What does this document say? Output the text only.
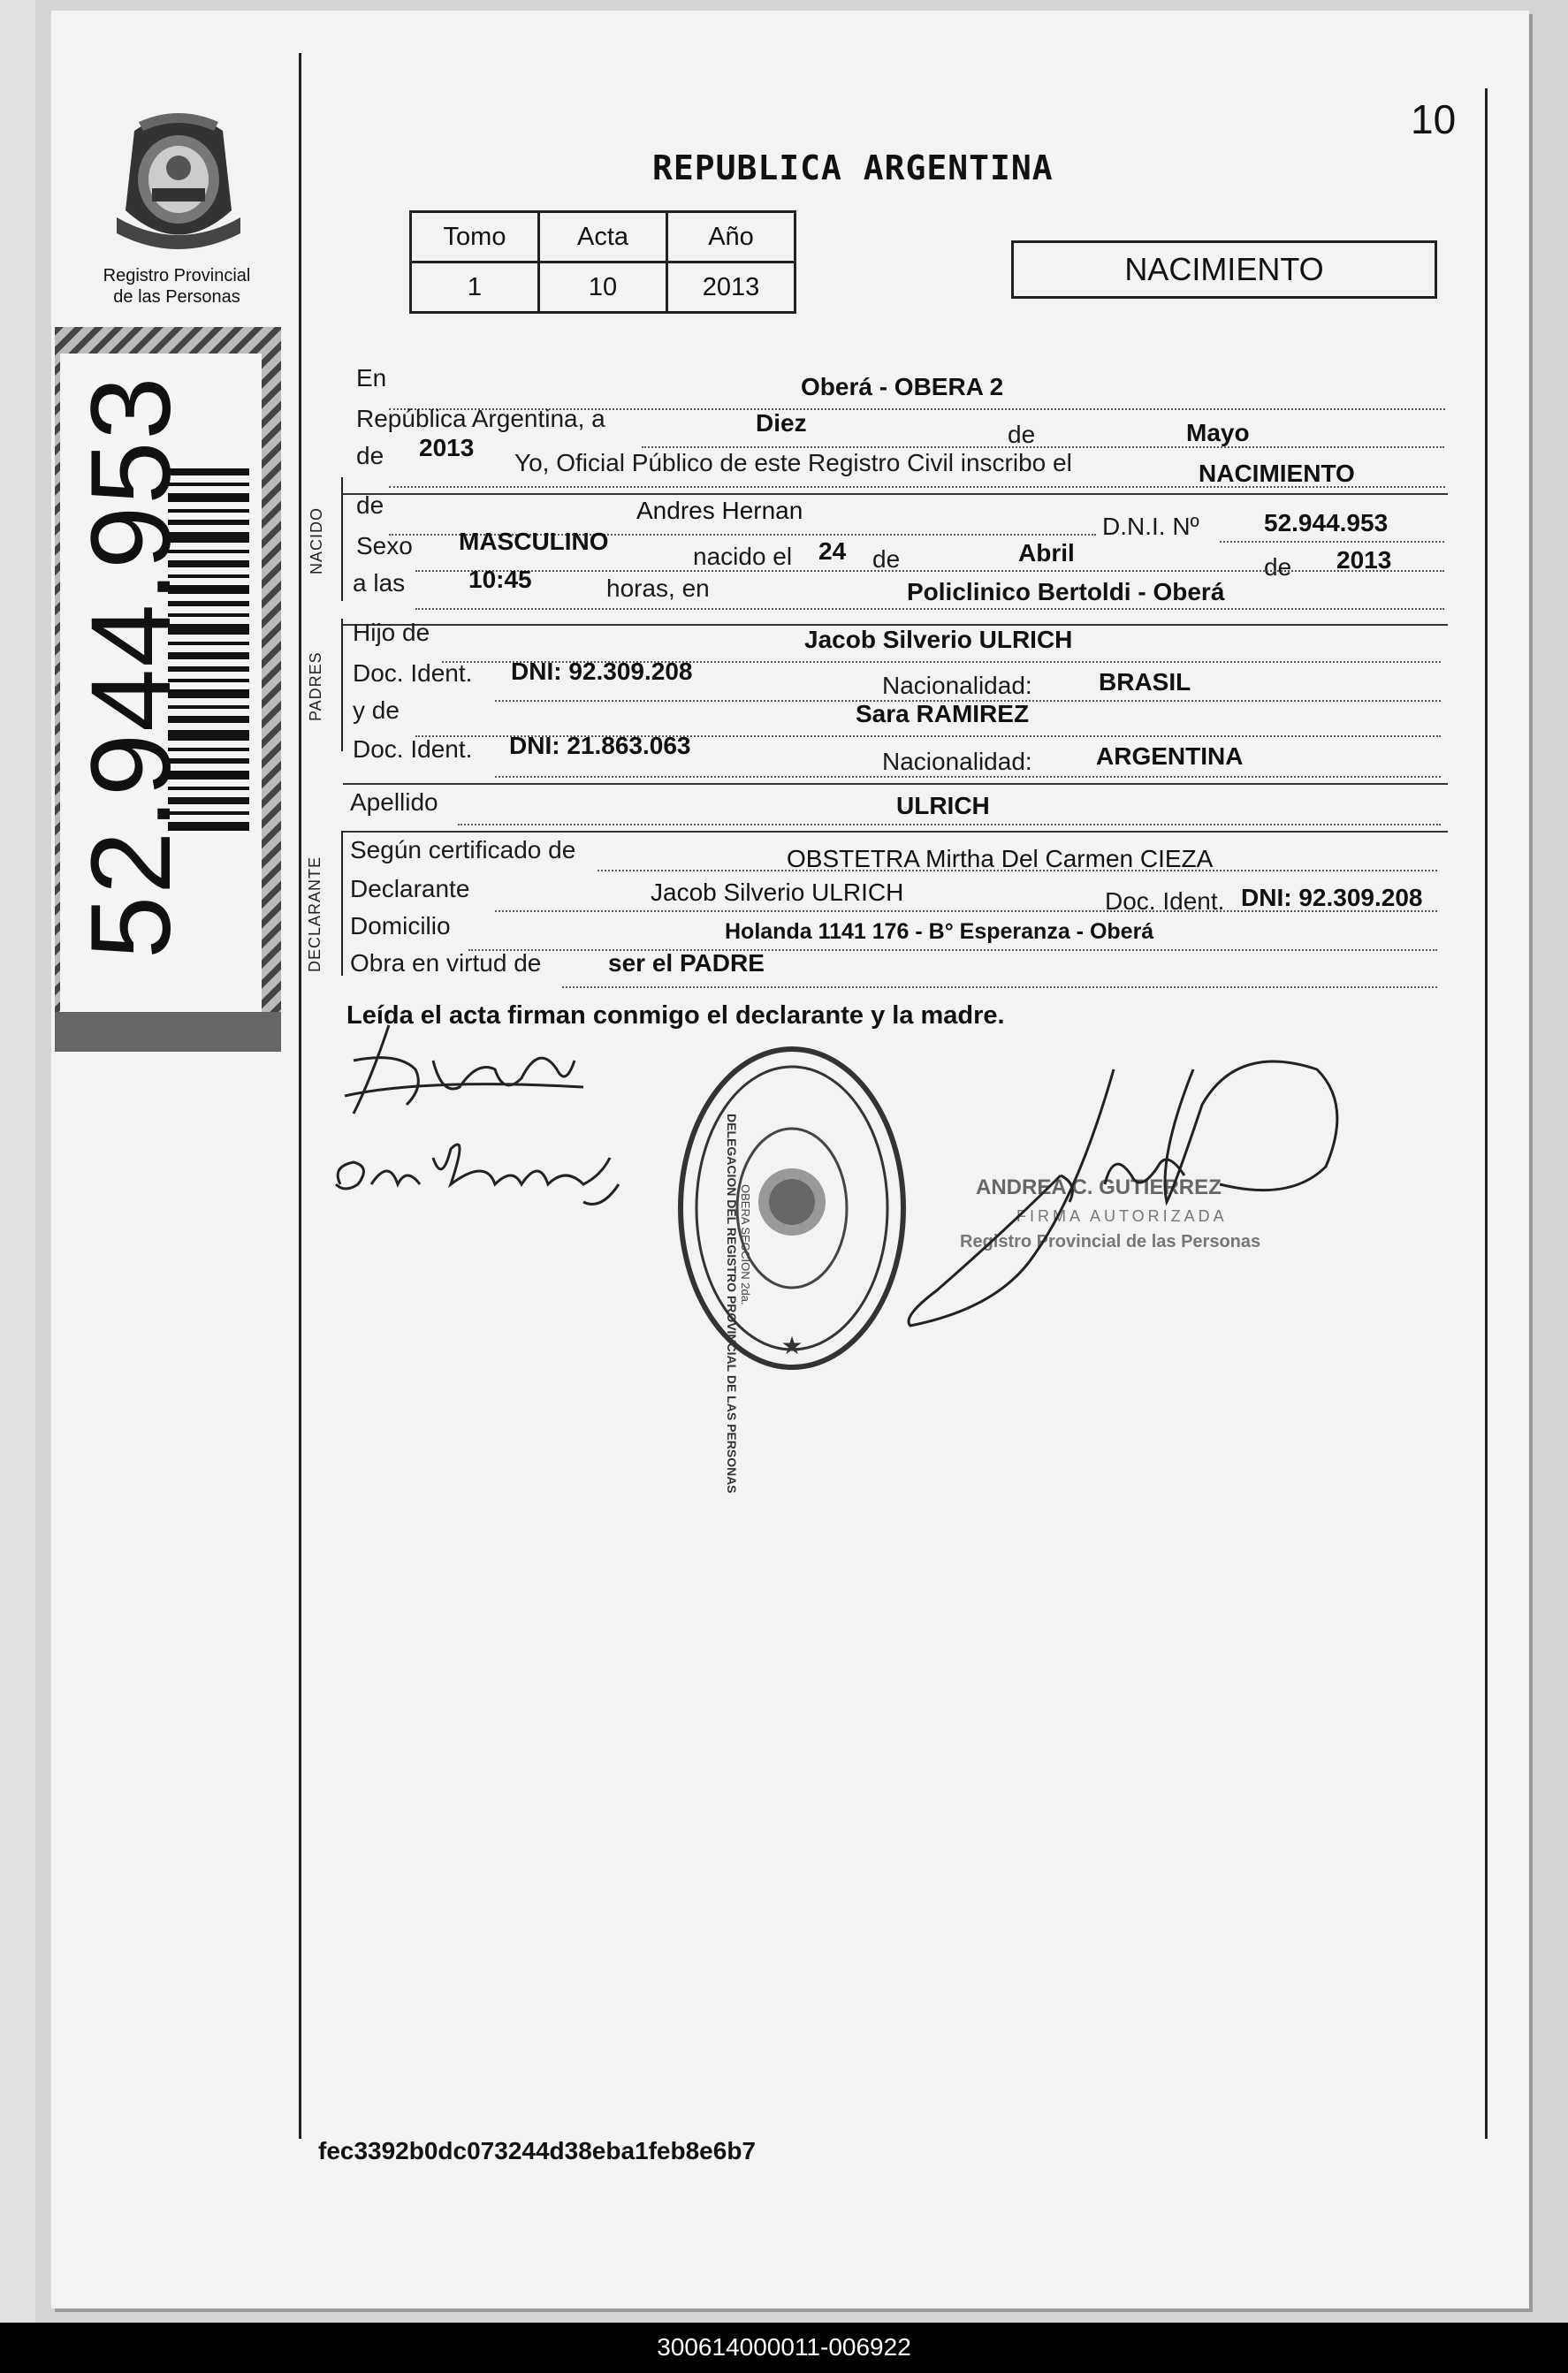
Registro Provincial
de las Personas
52.944.953
10
REPUBLICA ARGENTINA
Tomo	Acta	Año
1	10	2013	NACIMIENTO
En	Oberá - OBERA 2
República Argentina, a	Diez	de	Mayo
de 2013
Yo, Oficial Público de este Registro Civil inscribo el	NACIMIENTO
NACIDO
de	Andres Hernan
D.N.I. Nº	52.944.953
Sexo MASCULINO
nacido el 24 de	Abril
de 2013
a las	10:45	horas, en	Policlinico Bertoldi - Oberá
PADRES
Hijo de	Jacob Silverio ULRICH
Doc. Ident. DNI: 92.309.208
Nacionalidad:	BRASIL
y de	Sara RAMIREZ
Doc. Ident. DNI: 21.863.063
Nacionalidad:	ARGENTINA
Apellido	ULRICH
DECLARANTE
Según certificado de	OBSTETRA Mirtha Del Carmen CIEZA
Declarante	Jacob Silverio ULRICH	Doc. Ident. DNI: 92.309.208
Domicilio	Holanda 1141 176 - B° Esperanza - Oberá
Obra en virtud de	ser el PADRE
Leída el acta firman conmigo el declarante y la madre.
★
DELEGACION DEL REGISTRO PROVINCIAL DE LAS PERSONAS OBERA SECCION 2da.	ANDREA C. GUTIERREZ
FIRMA AUTORIZADA
Registro Provincial de las Personas
fec3392b0dc073244d38eba1feb8e6b7
300614000011-006922
